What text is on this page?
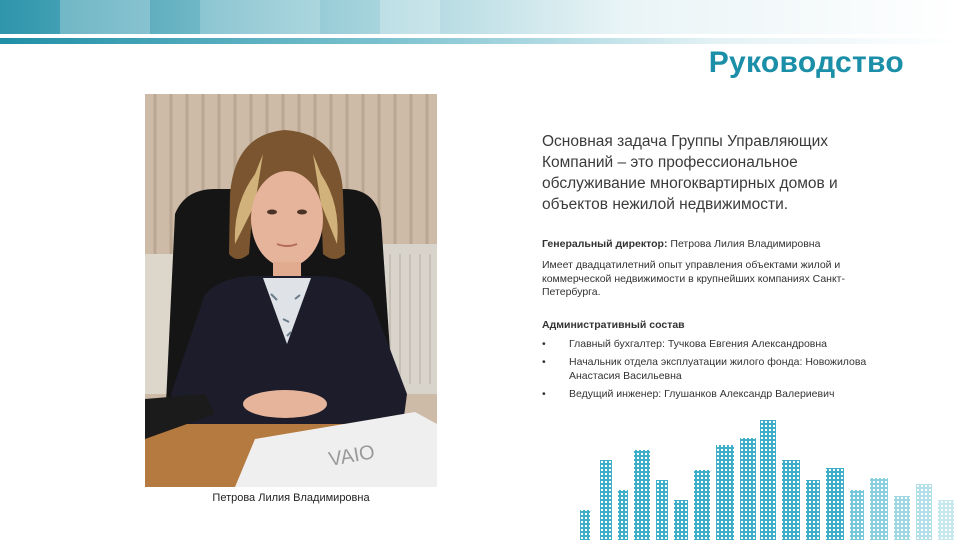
Руководство
VAIO
Петрова Лилия Владимировна
Основная задача Группы Управляющих Компаний – это профессиональное обслуживание многоквартирных домов и объектов нежилой недвижимости.
Генеральный директор: Петрова Лилия Владимировна
Имеет двадцатилетний опыт управления объектами жилой и коммерческой недвижимости в крупнейших компаниях Санкт-Петербурга.
Административный состав
• Главный бухгалтер: Тучкова Евгения Александровна
• Начальник отдела эксплуатации жилого фонда: Новожилова Анастасия Васильевна
• Ведущий инженер: Глушанков Александр Валериевич
